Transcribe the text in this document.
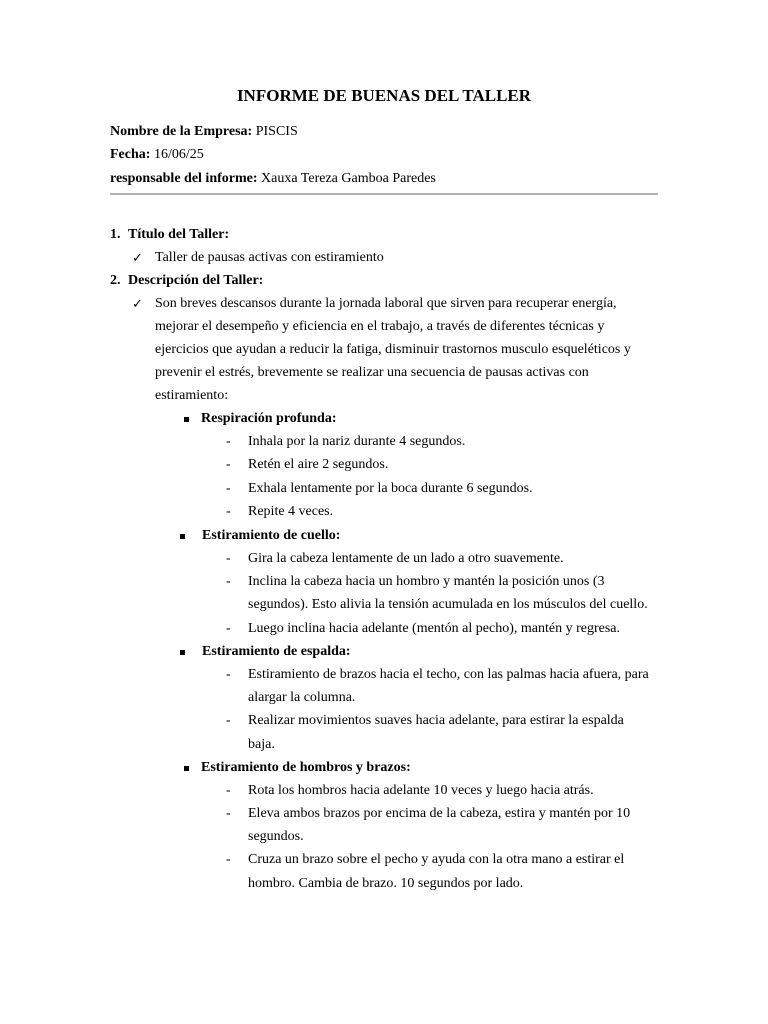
INFORME DE BUENAS DEL TALLER
Nombre de la Empresa: PISCIS
Fecha: 16/06/25
responsable del informe: Xauxa Tereza Gamboa Paredes
1. Título del Taller:
✓ Taller de pausas activas con estiramiento
2. Descripción del Taller:
✓ Son breves descansos durante la jornada laboral que sirven para recuperar energía,
mejorar el desempeño y eficiencia en el trabajo, a través de diferentes técnicas y
ejercicios que ayudan a reducir la fatiga, disminuir trastornos musculo esqueléticos y
prevenir el estrés, brevemente se realizar una secuencia de pausas activas con
estiramiento:
Respiración profunda:
- Inhala por la nariz durante 4 segundos.
- Retén el aire 2 segundos.
- Exhala lentamente por la boca durante 6 segundos.
- Repite 4 veces.
Estiramiento de cuello:
- Gira la cabeza lentamente de un lado a otro suavemente.
- Inclina la cabeza hacia un hombro y mantén la posición unos (3
segundos). Esto alivia la tensión acumulada en los músculos del cuello.
- Luego inclina hacia adelante (mentón al pecho), mantén y regresa.
Estiramiento de espalda:
- Estiramiento de brazos hacia el techo, con las palmas hacia afuera, para
alargar la columna.
- Realizar movimientos suaves hacia adelante, para estirar la espalda
baja.
Estiramiento de hombros y brazos:
- Rota los hombros hacia adelante 10 veces y luego hacia atrás.
- Eleva ambos brazos por encima de la cabeza, estira y mantén por 10
segundos.
- Cruza un brazo sobre el pecho y ayuda con la otra mano a estirar el
hombro. Cambia de brazo. 10 segundos por lado.
